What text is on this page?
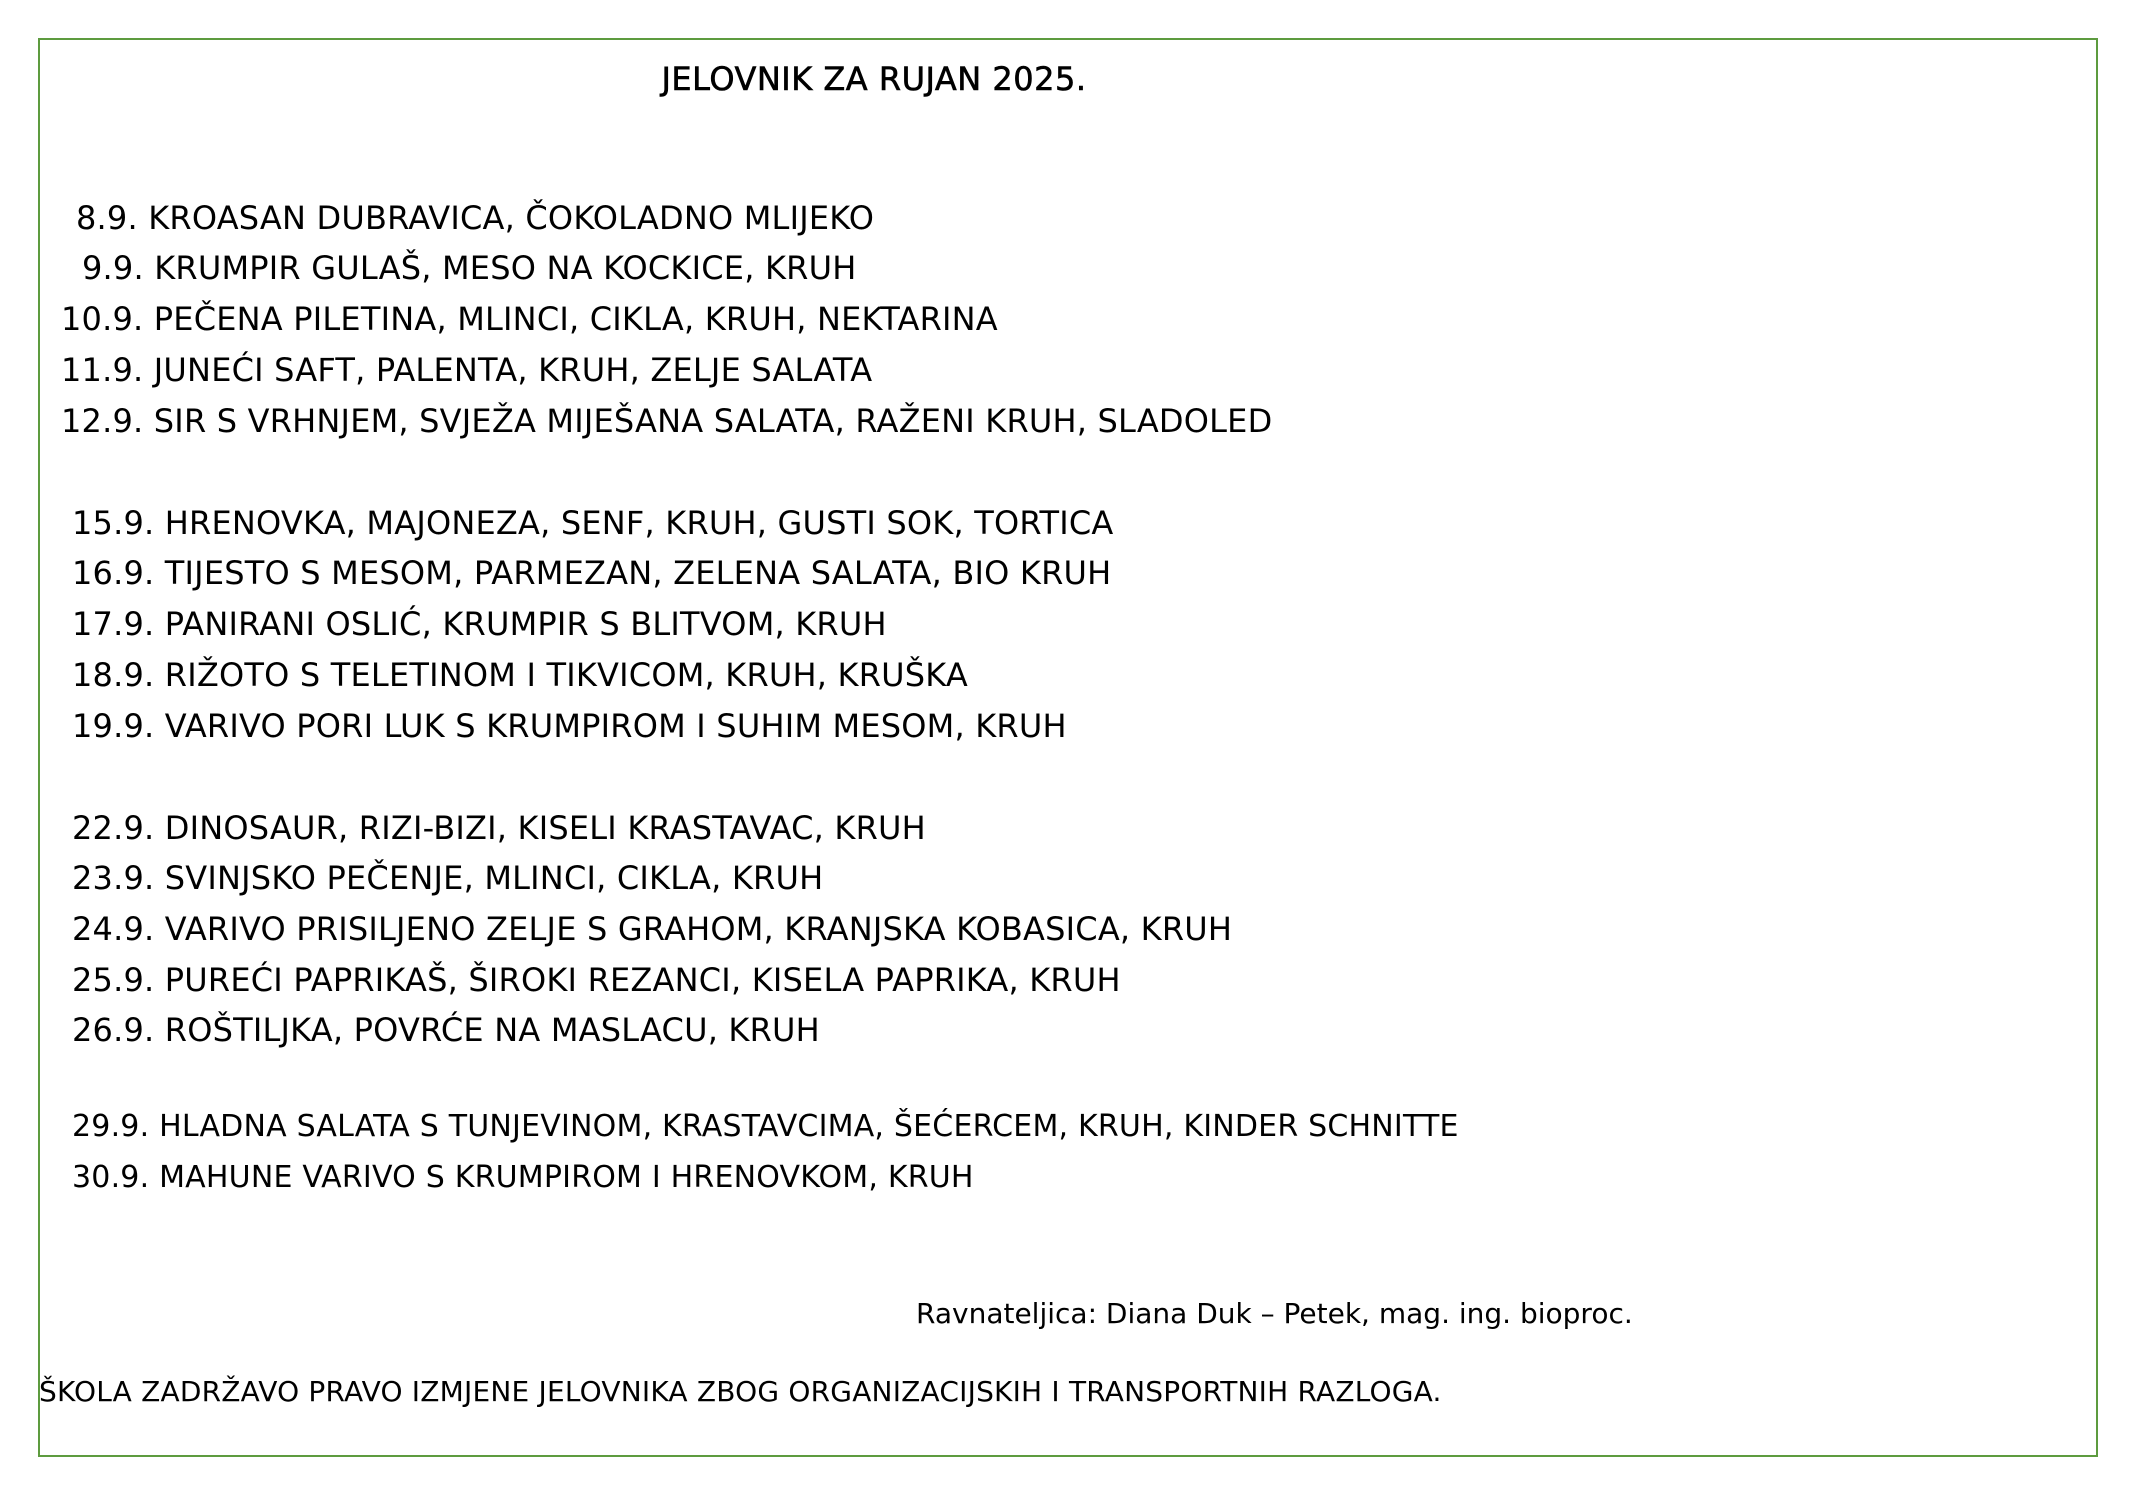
JELOVNIK ZA RUJAN 2025.
8.9. KROASAN DUBRAVICA, ČOKOLADNO MLIJEKO
9.9. KRUMPIR GULAŠ, MESO NA KOCKICE, KRUH
10.9. PEČENA PILETINA, MLINCI, CIKLA, KRUH, NEKTARINA
11.9. JUNEĆI SAFT, PALENTA, KRUH, ZELJE SALATA
12.9. SIR S VRHNJEM, SVJEŽA MIJEŠANA SALATA, RAŽENI KRUH, SLADOLED
15.9. HRENOVKA, MAJONEZA, SENF, KRUH, GUSTI SOK, TORTICA
16.9. TIJESTO S MESOM, PARMEZAN, ZELENA SALATA, BIO KRUH
17.9. PANIRANI OSLIĆ, KRUMPIR S BLITVOM, KRUH
18.9. RIŽOTO S TELETINOM I TIKVICOM, KRUH, KRUŠKA
19.9. VARIVO PORI LUK S KRUMPIROM I SUHIM MESOM, KRUH
22.9. DINOSAUR, RIZI-BIZI, KISELI KRASTAVAC, KRUH
23.9. SVINJSKO PEČENJE, MLINCI, CIKLA, KRUH
24.9. VARIVO PRISILJENO ZELJE S GRAHOM, KRANJSKA KOBASICA, KRUH
25.9. PUREĆI PAPRIKAŠ, ŠIROKI REZANCI, KISELA PAPRIKA, KRUH
26.9. ROŠTILJKA, POVRĆE NA MASLACU, KRUH
29.9. HLADNA SALATA S TUNJEVINOM, KRASTAVCIMA, ŠEĆERCEM, KRUH, KINDER SCHNITTE
30.9. MAHUNE VARIVO S KRUMPIROM I HRENOVKOM, KRUH
Ravnateljica: Diana Duk – Petek, mag. ing. bioproc.
ŠKOLA ZADRŽAVO PRAVO IZMJENE JELOVNIKA ZBOG ORGANIZACIJSKIH I TRANSPORTNIH RAZLOGA.
